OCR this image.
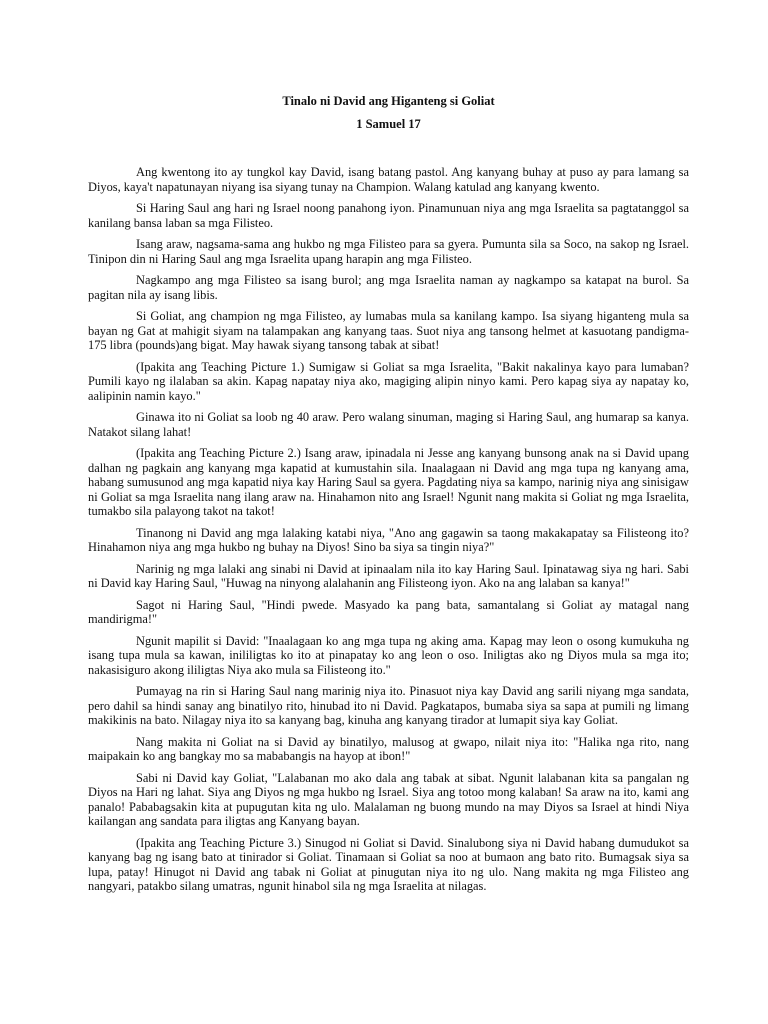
Tinalo ni David ang Higanteng si Goliat
1 Samuel 17

Ang kwentong ito ay tungkol kay David, isang batang pastol. Ang kanyang buhay at puso ay para lamang sa Diyos, kaya't napatunayan niyang isa siyang tunay na Champion. Walang katulad ang kanyang kwento.

Si Haring Saul ang hari ng Israel noong panahong iyon. Pinamunuan niya ang mga Israelita sa pagtatanggol sa kanilang bansa laban sa mga Filisteo.

Isang araw, nagsama-sama ang hukbo ng mga Filisteo para sa gyera. Pumunta sila sa Soco, na sakop ng Israel. Tinipon din ni Haring Saul ang mga Israelita upang harapin ang mga Filisteo.

Nagkampo ang mga Filisteo sa isang burol; ang mga Israelita naman ay nagkampo sa katapat na burol. Sa pagitan nila ay isang libis.

Si Goliat, ang champion ng mga Filisteo, ay lumabas mula sa kanilang kampo. Isa siyang higanteng mula sa bayan ng Gat at mahigit siyam na talampakan ang kanyang taas. Suot niya ang tansong helmet at kasuotang pandigma-175 libra (pounds)ang bigat. May hawak siyang tansong tabak at sibat!

(Ipakita ang Teaching Picture 1.) Sumigaw si Goliat sa mga Israelita, "Bakit nakalinya kayo para lumaban? Pumili kayo ng ilalaban sa akin. Kapag napatay niya ako, magiging alipin ninyo kami. Pero kapag siya ay napatay ko, aalipinin namin kayo."

Ginawa ito ni Goliat sa loob ng 40 araw. Pero walang sinuman, maging si Haring Saul, ang humarap sa kanya. Natakot silang lahat!

(Ipakita ang Teaching Picture 2.) Isang araw, ipinadala ni Jesse ang kanyang bunsong anak na si David upang dalhan ng pagkain ang kanyang mga kapatid at kumustahin sila. Inaalagaan ni David ang mga tupa ng kanyang ama, habang sumusunod ang mga kapatid niya kay Haring Saul sa gyera. Pagdating niya sa kampo, narinig niya ang sinisigaw ni Goliat sa mga Israelita nang ilang araw na. Hinahamon nito ang Israel! Ngunit nang makita si Goliat ng mga Israelita, tumakbo sila palayong takot na takot!

Tinanong ni David ang mga lalaking katabi niya, "Ano ang gagawin sa taong makakapatay sa Filisteong ito? Hinahamon niya ang mga hukbo ng buhay na Diyos! Sino ba siya sa tingin niya?"

Narinig ng mga lalaki ang sinabi ni David at ipinaalam nila ito kay Haring Saul. Ipinatawag siya ng hari. Sabi ni David kay Haring Saul, "Huwag na ninyong alalahanin ang Filisteong iyon. Ako na ang lalaban sa kanya!"

Sagot ni Haring Saul, "Hindi pwede. Masyado ka pang bata, samantalang si Goliat ay matagal nang mandirigma!"

Ngunit mapilit si David: "Inaalagaan ko ang mga tupa ng aking ama. Kapag may leon o osong kumukuha ng isang tupa mula sa kawan, inililigtas ko ito at pinapatay ko ang leon o oso. Iniligtas ako ng Diyos mula sa mga ito; nakasisiguro akong ililigtas Niya ako mula sa Filisteong ito."

Pumayag na rin si Haring Saul nang marinig niya ito. Pinasuot niya kay David ang sarili niyang mga sandata, pero dahil sa hindi sanay ang binatilyo rito, hinubad ito ni David. Pagkatapos, bumaba siya sa sapa at pumili ng limang makikinis na bato. Nilagay niya ito sa kanyang bag, kinuha ang kanyang tirador at lumapit siya kay Goliat.

Nang makita ni Goliat na si David ay binatilyo, malusog at gwapo, nilait niya ito: "Halika nga rito, nang maipakain ko ang bangkay mo sa mababangis na hayop at ibon!"

Sabi ni David kay Goliat, "Lalabanan mo ako dala ang tabak at sibat. Ngunit lalabanan kita sa pangalan ng Diyos na Hari ng lahat. Siya ang Diyos ng mga hukbo ng Israel. Siya ang totoo mong kalaban! Sa araw na ito, kami ang panalo! Pababagsakin kita at pupugutan kita ng ulo. Malalaman ng buong mundo na may Diyos sa Israel at hindi Niya kailangan ang sandata para iligtas ang Kanyang bayan.

(Ipakita ang Teaching Picture 3.) Sinugod ni Goliat si David. Sinalubong siya ni David habang dumudukot sa kanyang bag ng isang bato at tinirador si Goliat. Tinamaan si Goliat sa noo at bumaon ang bato rito. Bumagsak siya sa lupa, patay! Hinugot ni David ang tabak ni Goliat at pinugutan niya ito ng ulo. Nang makita ng mga Filisteo ang nangyari, patakbo silang umatras, ngunit hinabol sila ng mga Israelita at nilagas.
